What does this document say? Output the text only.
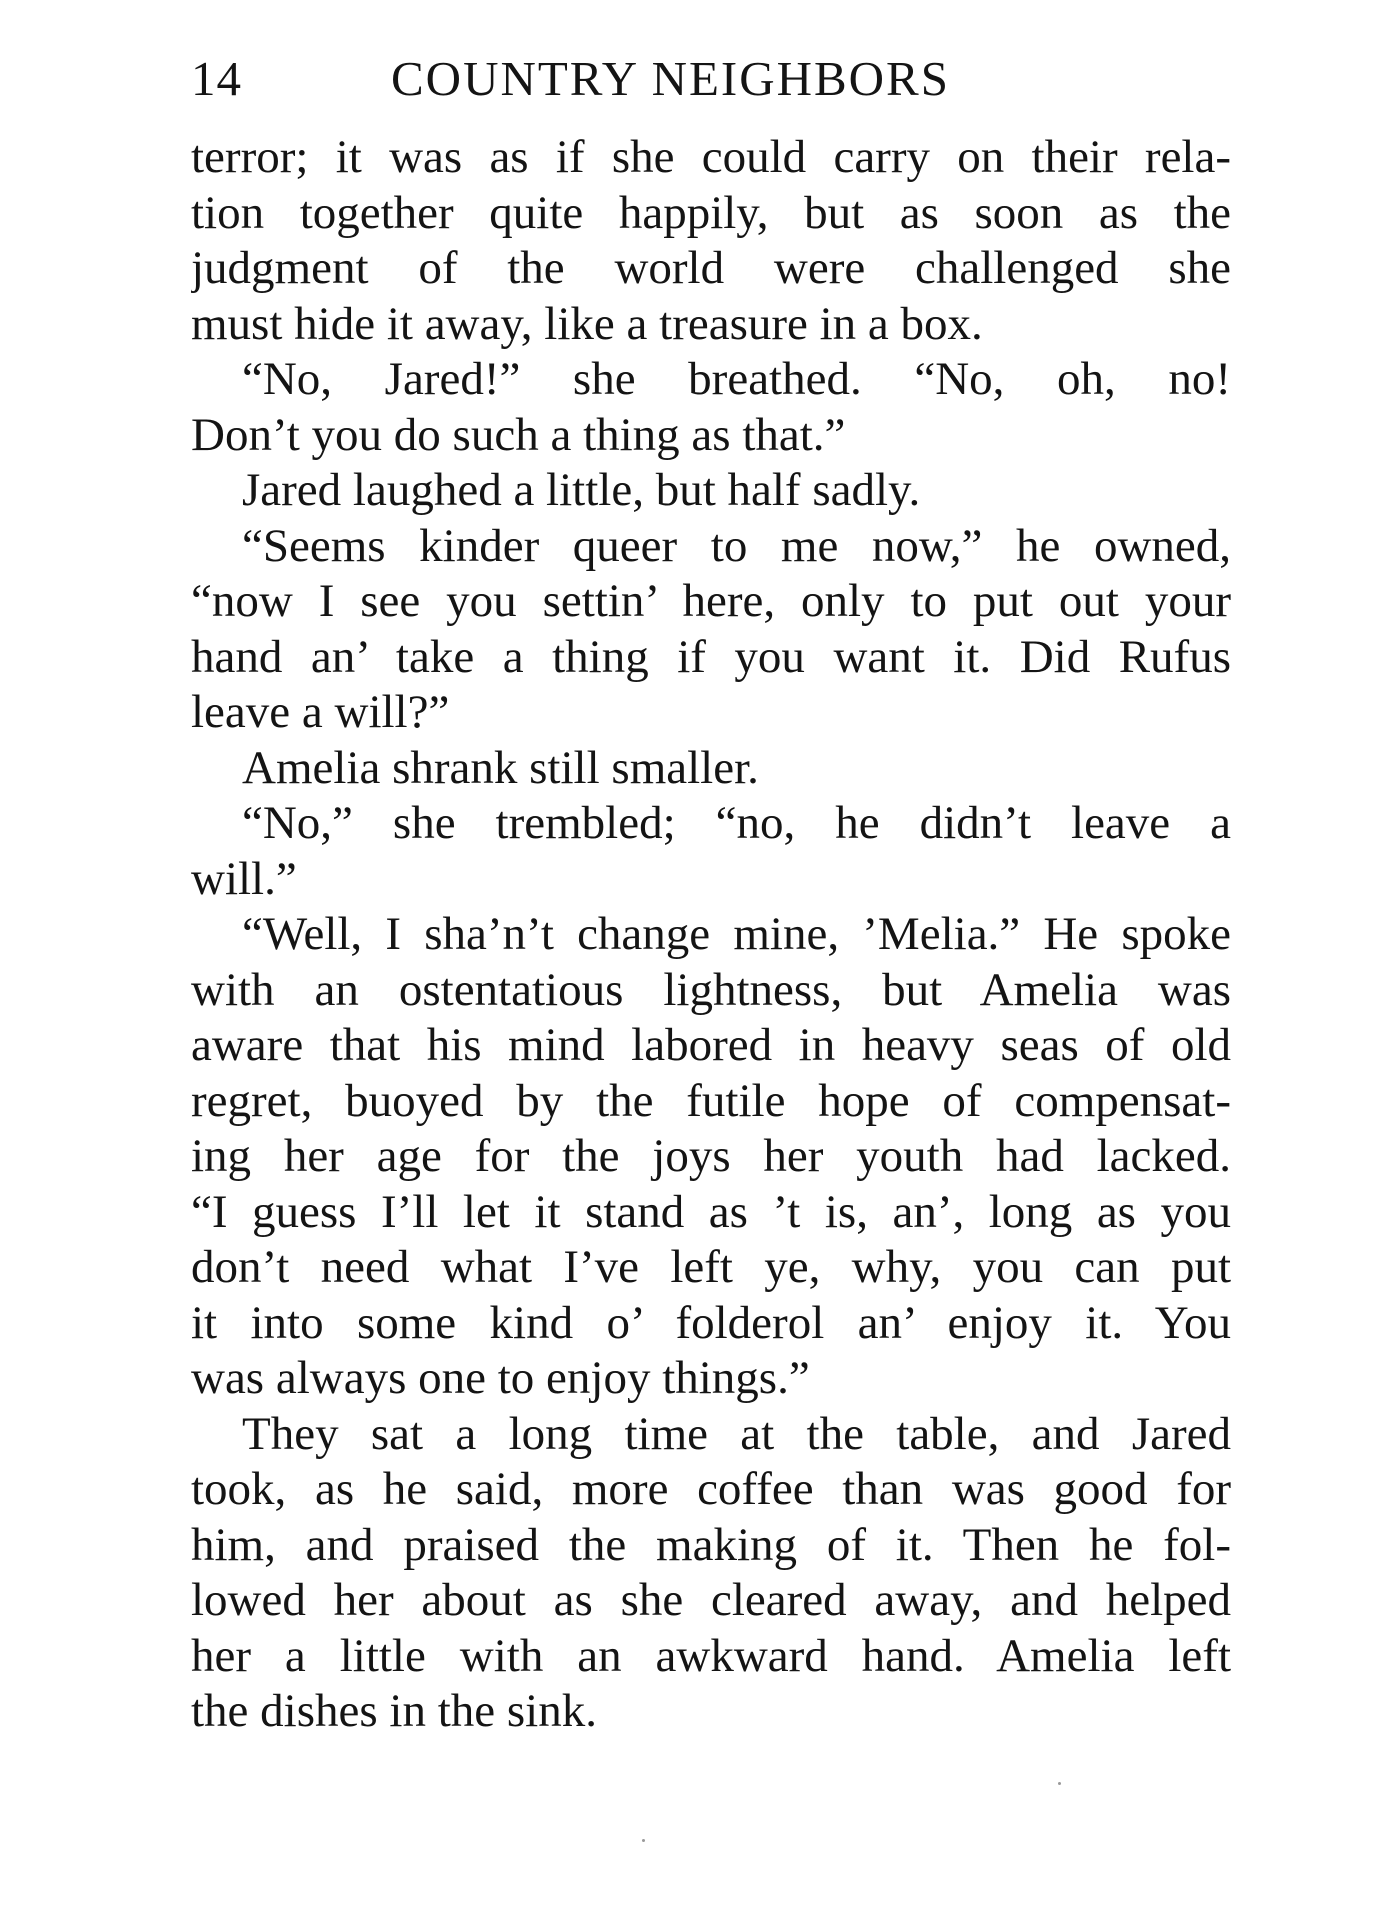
14	COUNTRY NEIGHBORS
terror; it was as if she could carry on their rela-
tion together quite happily, but as soon as the
judgment of the world were challenged she
must hide it away, like a treasure in a box.
“No, Jared!” she breathed. “No, oh, no!
Don’t you do such a thing as that.”
Jared laughed a little, but half sadly.
“Seems kinder queer to me now,” he owned,
“now I see you settin’ here, only to put out your
hand an’ take a thing if you want it. Did Rufus
leave a will?”
Amelia shrank still smaller.
“No,” she trembled; “no, he didn’t leave a
will.”
“Well, I sha’n’t change mine, ’Melia.” He spoke
with an ostentatious lightness, but Amelia was
aware that his mind labored in heavy seas of old
regret, buoyed by the futile hope of compensat-
ing her age for the joys her youth had lacked.
“I guess I’ll let it stand as ’t is, an’, long as you
don’t need what I’ve left ye, why, you can put
it into some kind o’ folderol an’ enjoy it. You
was always one to enjoy things.”
They sat a long time at the table, and Jared
took, as he said, more coffee than was good for
him, and praised the making of it. Then he fol-
lowed her about as she cleared away, and helped
her a little with an awkward hand. Amelia left
the dishes in the sink.
